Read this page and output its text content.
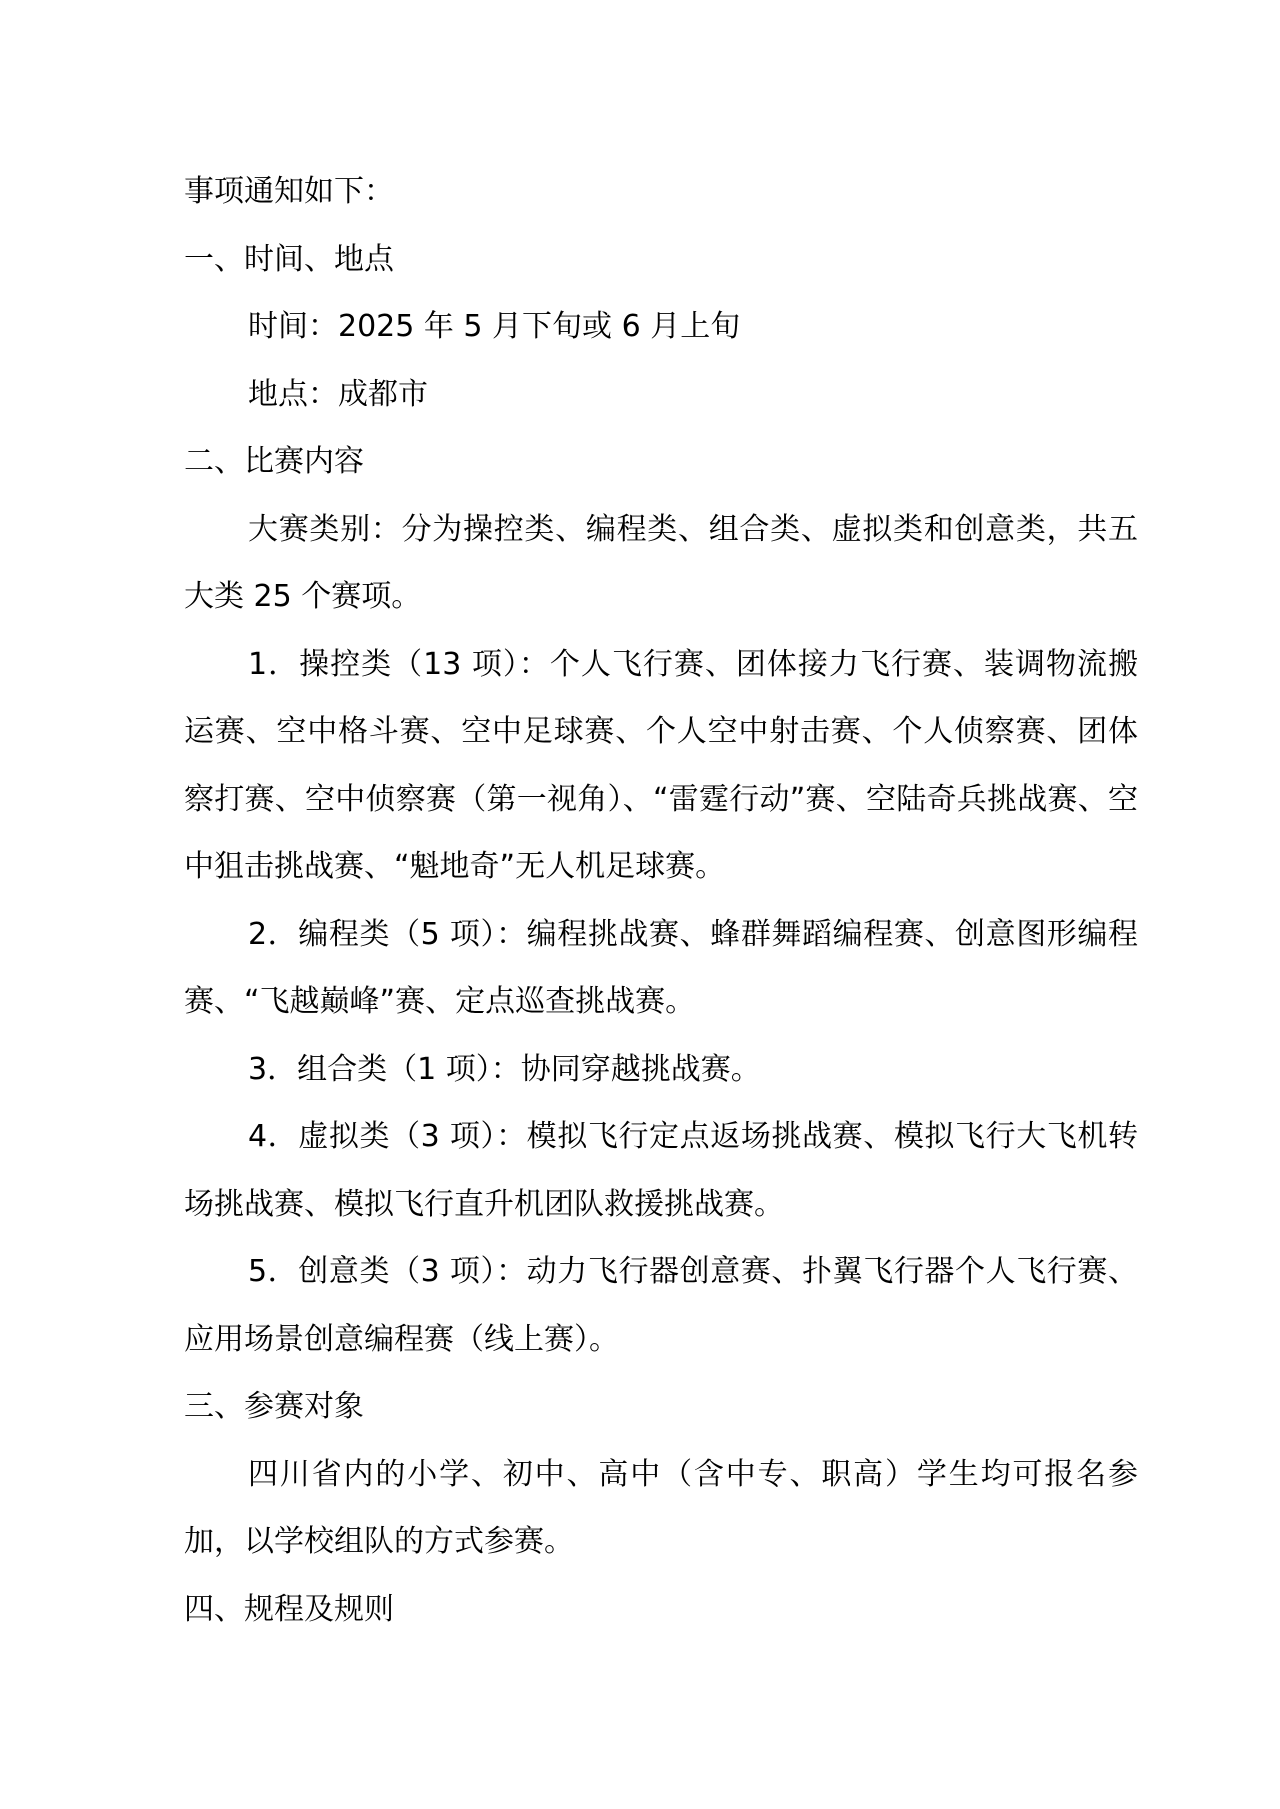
事项通知如下：

一、时间、地点

时间：2025 年 5 月下旬或 6 月上旬

地点：成都市

二、比赛内容

大赛类别：分为操控类、编程类、组合类、虚拟类和创意类，共五大类 25 个赛项。

1．操控类（13 项）：个人飞行赛、团体接力飞行赛、装调物流搬运赛、空中格斗赛、空中足球赛、个人空中射击赛、个人侦察赛、团体察打赛、空中侦察赛（第一视角）、“雷霆行动”赛、空陆奇兵挑战赛、空中狙击挑战赛、“魁地奇”无人机足球赛。

2．编程类（5 项）：编程挑战赛、蜂群舞蹈编程赛、创意图形编程赛、“飞越巅峰”赛、定点巡查挑战赛。

3．组合类（1 项）：协同穿越挑战赛。

4．虚拟类（3 项）：模拟飞行定点返场挑战赛、模拟飞行大飞机转场挑战赛、模拟飞行直升机团队救援挑战赛。

5．创意类（3 项）：动力飞行器创意赛、扑翼飞行器个人飞行赛、应用场景创意编程赛（线上赛）。

三、参赛对象

四川省内的小学、初中、高中（含中专、职高）学生均可报名参加，以学校组队的方式参赛。

四、规程及规则
